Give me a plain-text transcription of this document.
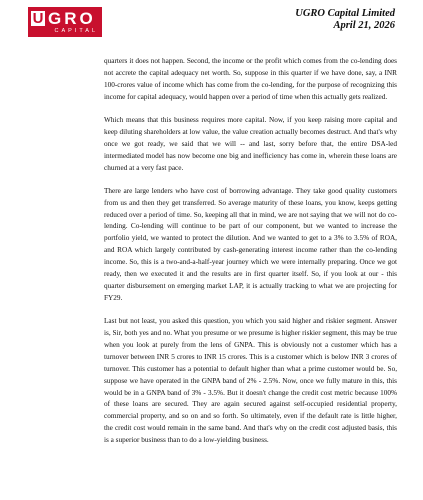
U GRO
CAPITAL
UGRO Capital Limited
April 21, 2026

quarters it does not happen. Second, the income or the profit which comes from the co-lending does not accrete the capital adequacy net worth. So, suppose in this quarter if we have done, say, a INR 100-crores value of income which has come from the co-lending, for the purpose of recognizing this income for capital adequacy, would happen over a period of time when this actually gets realized.

Which means that this business requires more capital. Now, if you keep raising more capital and keep diluting shareholders at low value, the value creation actually becomes destruct. And that's why once we got ready, we said that we will -- and last, sorry before that, the entire DSA-led intermediated model has now become one big and inefficiency has come in, wherein these loans are churned at a very fast pace.

There are large lenders who have cost of borrowing advantage. They take good quality customers from us and then they get transferred. So average maturity of these loans, you know, keeps getting reduced over a period of time. So, keeping all that in mind, we are not saying that we will not do co-lending. Co-lending will continue to be part of our component, but we wanted to increase the portfolio yield, we wanted to protect the dilution. And we wanted to get to a 3% to 3.5% of ROA, and ROA which largely contributed by cash-generating interest income rather than the co-lending income. So, this is a two-and-a-half-year journey which we were internally preparing. Once we got ready, then we executed it and the results are in first quarter itself. So, if you look at our - this quarter disbursement on emerging market LAP, it is actually tracking to what we are projecting for FY29.

Last but not least, you asked this question, you which you said higher and riskier segment. Answer is, Sir, both yes and no. What you presume or we presume is higher riskier segment, this may be true when you look at purely from the lens of GNPA. This is obviously not a customer which has a turnover between INR 5 crores to INR 15 crores. This is a customer which is below INR 3 crores of turnover. This customer has a potential to default higher than what a prime customer would be. So, suppose we have operated in the GNPA band of 2% - 2.5%. Now, once we fully mature in this, this would be in a GNPA band of 3% - 3.5%. But it doesn't change the credit cost metric because 100% of these loans are secured. They are again secured against self-occupied residential property, commercial property, and so on and so forth. So ultimately, even if the default rate is little higher, the credit cost would remain in the same band. And that's why on the credit cost adjusted basis, this is a superior business than to do a low-yielding business.
